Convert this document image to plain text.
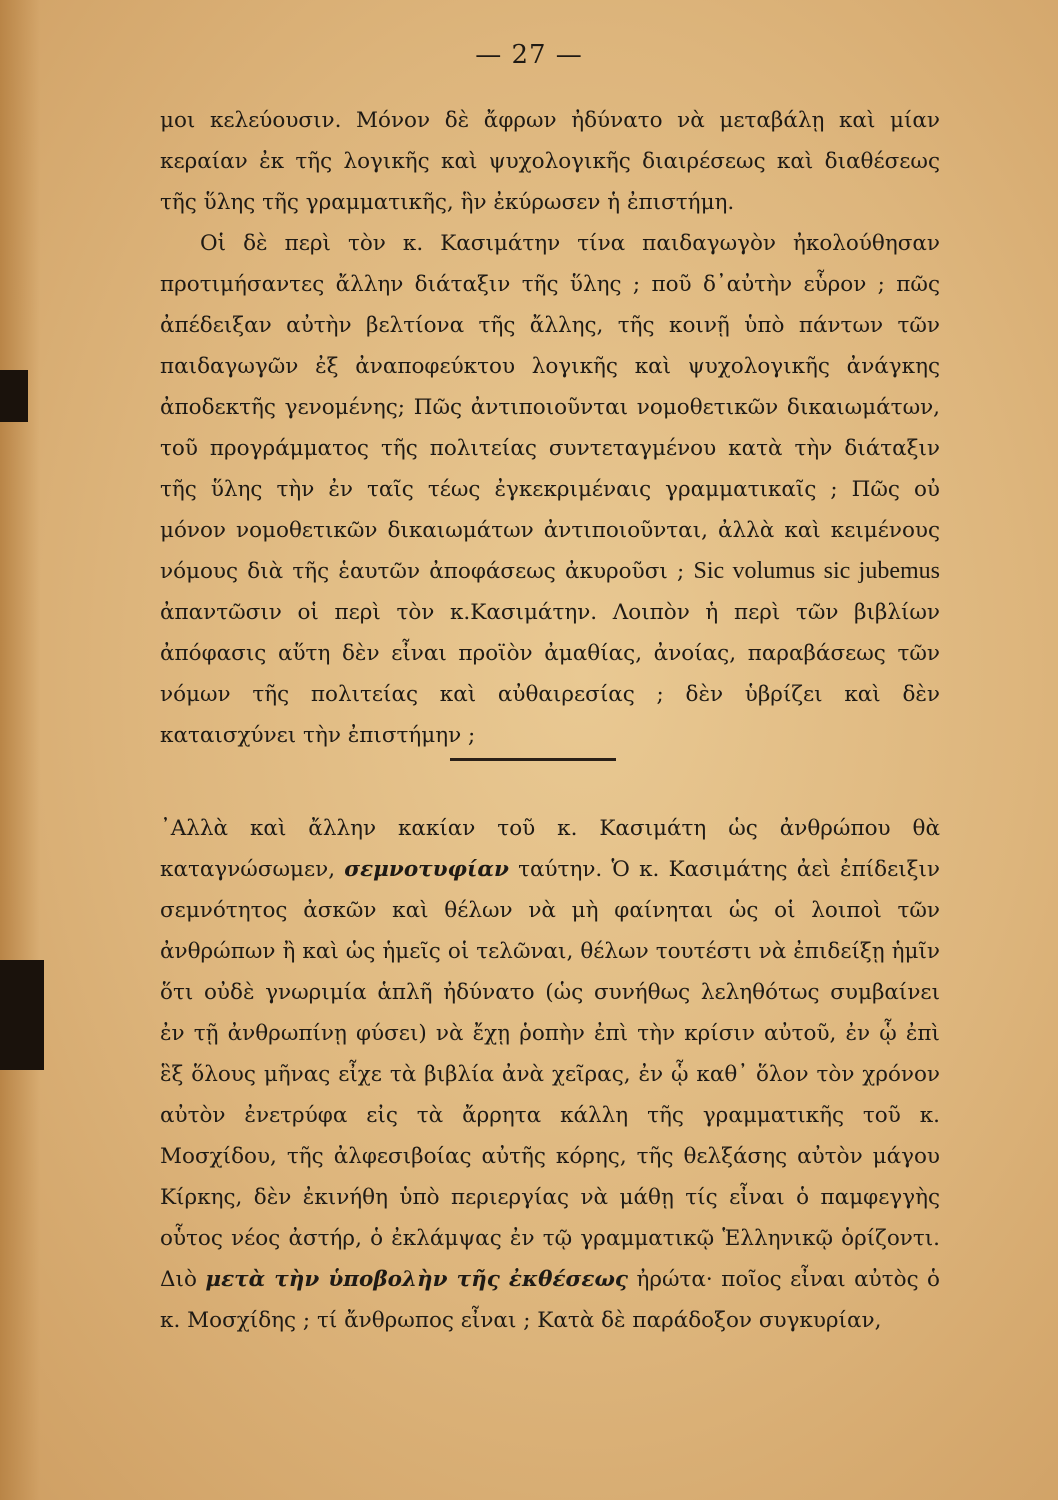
— 27 —

μοι κελεύουσιν. Μόνον δὲ ἄφρων ἠδύνατο νὰ μεταβάλῃ καὶ μίαν κεραίαν ἐκ τῆς λογικῆς καὶ ψυχολογικῆς διαιρέσεως καὶ διαθέσεως τῆς ὕλης τῆς γραμματικῆς, ἣν ἐκύρωσεν ἡ ἐπιστήμη.

Οἱ δὲ περὶ τὸν κ. Κασιμάτην τίνα παιδαγωγὸν ἠκολούθησαν προτιμήσαντες ἄλλην διάταξιν τῆς ὕλης ; ποῦ δ᾽αὐτὴν εὗρον ; πῶς ἀπέδειξαν αὐτὴν βελτίονα τῆς ἄλλης, τῆς κοινῇ ὑπὸ πάντων τῶν παιδαγωγῶν ἐξ ἀναποφεύκτου λογικῆς καὶ ψυχολογικῆς ἀνάγκης ἀποδεκτῆς γενομένης; Πῶς ἀντιποιοῦνται νομοθετικῶν δικαιωμάτων, τοῦ προγράμματος τῆς πολιτείας συντεταγμένου κατὰ τὴν διάταξιν τῆς ὕλης τὴν ἐν ταῖς τέως ἐγκεκριμέναις γραμματικαῖς ; Πῶς οὐ μόνον νομοθετικῶν δικαιωμάτων ἀντιποιοῦνται, ἀλλὰ καὶ κειμένους νόμους διὰ τῆς ἑαυτῶν ἀποφάσεως ἀκυροῦσι ; Sic volumus sic jubemus ἀπαντῶσιν οἱ περὶ τὸν κ.Κασιμάτην. Λοιπὸν ἡ περὶ τῶν βιβλίων ἀπόφασις αὕτη δὲν εἶναι προϊὸν ἀμαθίας, ἀνοίας, παραβάσεως τῶν νόμων τῆς πολιτείας καὶ αὐθαιρεσίας ; δὲν ὑβρίζει καὶ δὲν καταισχύνει τὴν ἐπιστήμην ;

᾿Αλλὰ καὶ ἄλλην κακίαν τοῦ κ. Κασιμάτη ὡς ἀνθρώπου θὰ καταγνώσωμεν, σεμνοτυφίαν ταύτην. Ὁ κ. Κασιμάτης ἀεὶ ἐπίδειξιν σεμνότητος ἀσκῶν καὶ θέλων νὰ μὴ φαίνηται ὡς οἱ λοιποὶ τῶν ἀνθρώπων ἢ καὶ ὡς ἡμεῖς οἱ τελῶναι, θέλων τουτέστι νὰ ἐπιδείξῃ ἡμῖν ὅτι οὐδὲ γνωριμία ἁπλῆ ἠδύνατο (ὡς συνήθως λεληθότως συμβαίνει ἐν τῇ ἀνθρωπίνῃ φύσει) νὰ ἔχῃ ῥοπὴν ἐπὶ τὴν κρίσιν αὐτοῦ, ἐν ᾧ ἐπὶ ἓξ ὅλους μῆνας εἶχε τὰ βιβλία ἀνὰ χεῖρας, ἐν ᾧ καθ᾽ ὅλον τὸν χρόνον αὐτὸν ἐνετρύφα εἰς τὰ ἄρρητα κάλλη τῆς γραμματικῆς τοῦ κ. Μοσχίδου, τῆς ἀλφεσιβοίας αὐτῆς κόρης, τῆς θελξάσης αὐτὸν μάγου Κίρκης, δὲν ἐκινήθη ὑπὸ περιεργίας νὰ μάθῃ τίς εἶναι ὁ παμφεγγὴς οὗτος νέος ἀστήρ, ὁ ἐκλάμψας ἐν τῷ γραμματικῷ Ἑλληνικῷ ὁρίζοντι. Διὸ μετὰ τὴν ὑποβολὴν τῆς ἐκθέσεως ἠρώτα· ποῖος εἶναι αὐτὸς ὁ κ. Μοσχίδης ; τί ἄνθρωπος εἶναι ; Κατὰ δὲ παράδοξον συγκυρίαν,
